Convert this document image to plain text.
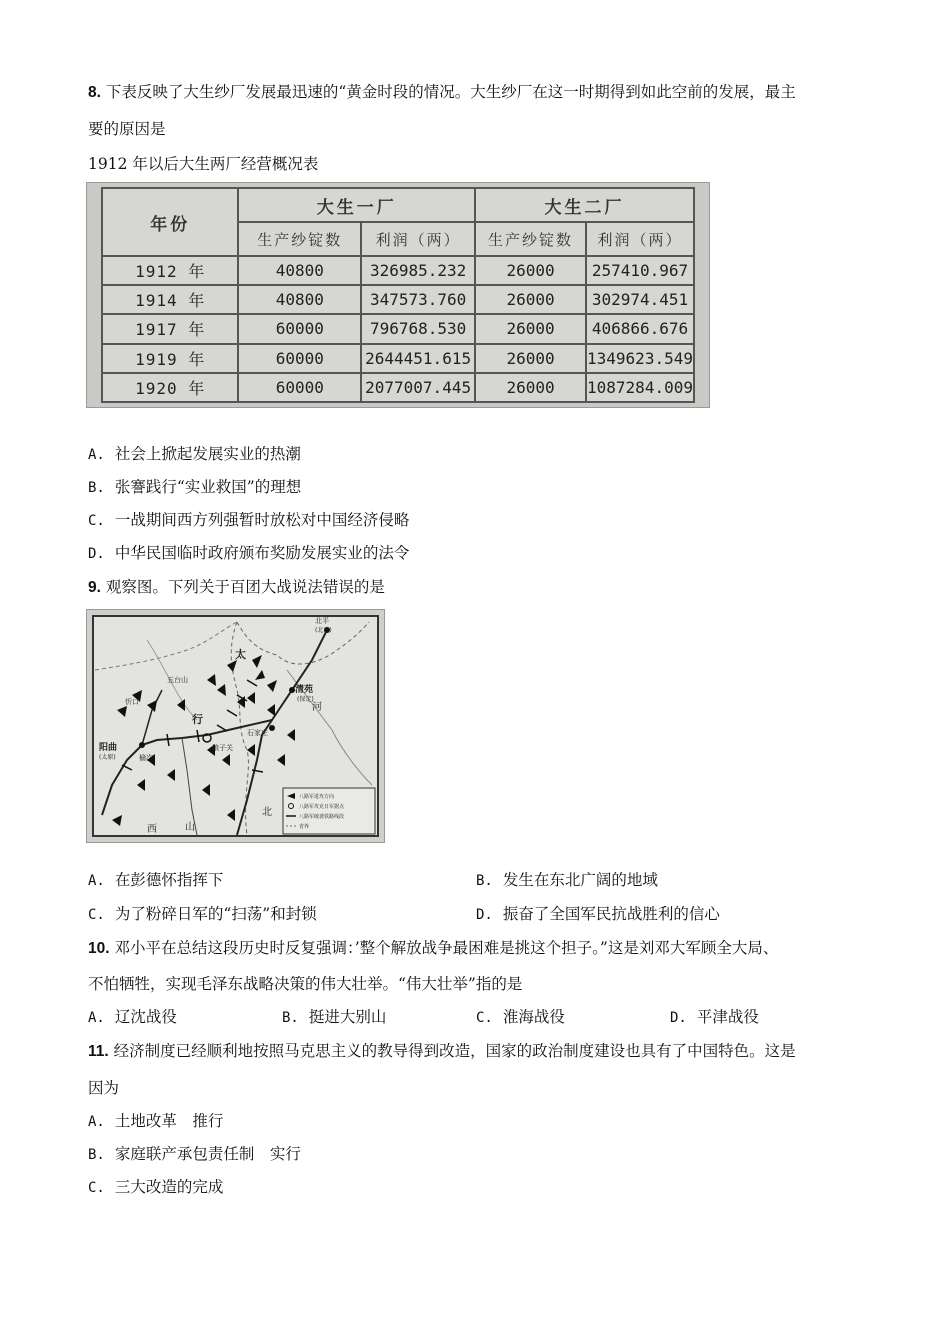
8. 下表反映了大生纱厂发展最迅速的“黄金时段的情况。大生纱厂在这一时期得到如此空前的发展，最主
要的原因是
1912 年以后大生两厂经营概况表
年份	大生一厂		大生二厂	
	生产纱锭数	利润（两）	生产纱锭数	利润（两）
1912 年	40800	326985.232	26000	257410.967
1914 年	40800	347573.760	26000	302974.451
1917 年	60000	796768.530	26000	406866.676
1919 年	60000	2644451.615	26000	1349623.549
1920 年	60000	2077007.445	26000	1087284.009
A. 社会上掀起发展实业的热潮
B. 张謇践行“实业救国”的理想
C. 一战期间西方列强暂时放松对中国经济侵略
D. 中华民国临时政府颁布奖励发展实业的法令
9. 观察图。下列关于百团大战说法错误的是
北平
(北京)
清苑
(保定)
五台山
忻口
阳曲
(太原)	榆次
娘子关
石家庄
太
行
山
西
河
北
八路军进攻方向
八路军攻克日军据点
八路军破袭铁路线段
省界
A. 在彭德怀指挥下	B. 发生在东北广阔的地域
C. 为了粉碎日军的“扫荡”和封锁	D. 振奋了全国军民抗战胜利的信心
10. 邓小平在总结这段历史时反复强调：’整个解放战争最困难是挑这个担子。”这是刘邓大军顾全大局、
不怕牺牲，实现毛泽东战略决策的伟大壮举。“伟大壮举”指的是
A. 辽沈战役	B. 挺进大别山	C. 淮海战役	D. 平津战役
11. 经济制度已经顺利地按照马克思主义的教导得到改造，国家的政治制度建设也具有了中国特色。这是
因为
A. 土地改革　推行
B. 家庭联产承包责任制　实行
C. 三大改造的完成
